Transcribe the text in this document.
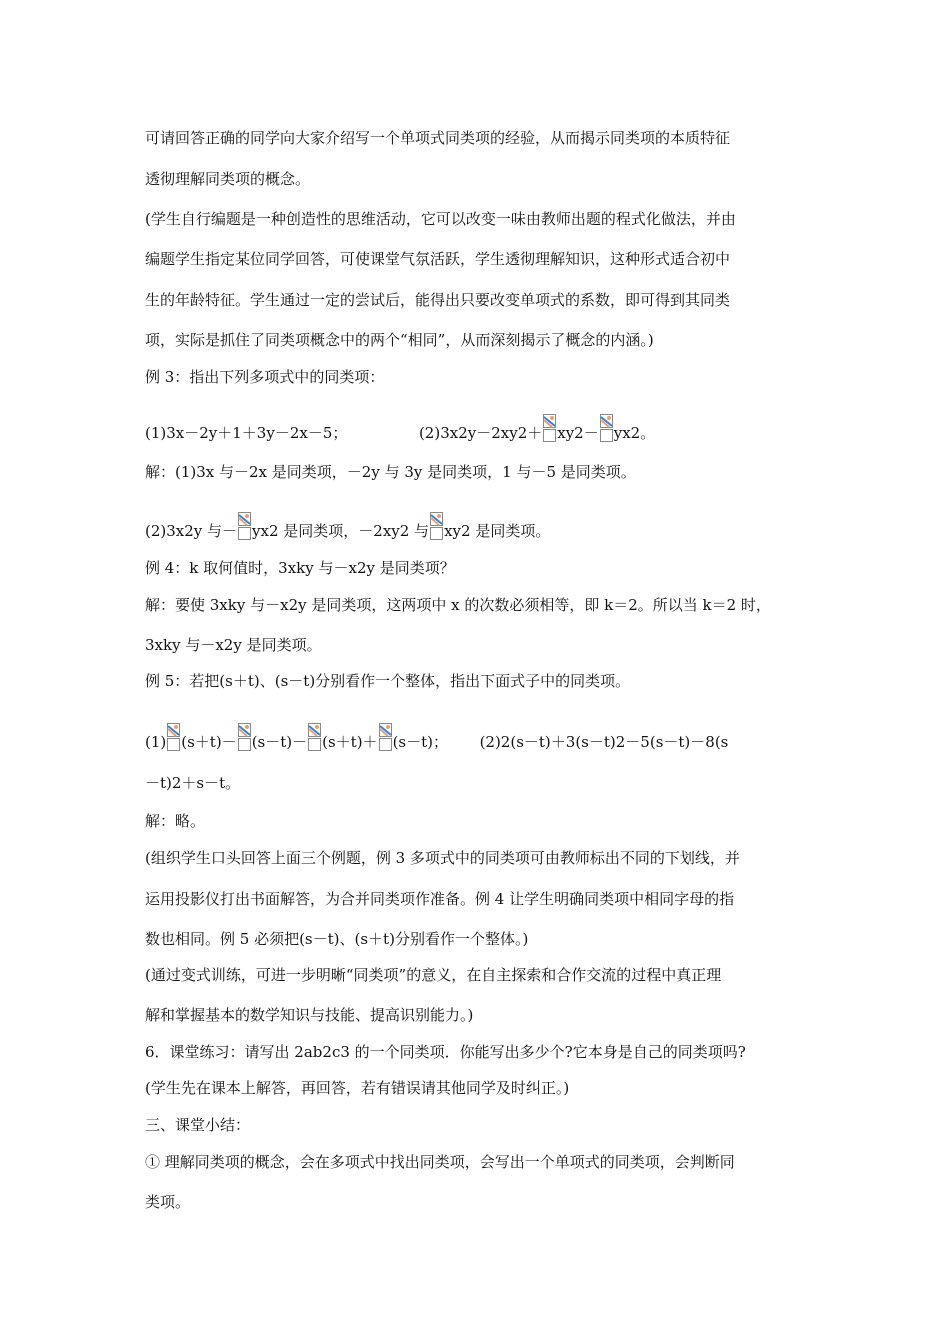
可请回答正确的同学向大家介绍写一个单项式同类项的经验，从而揭示同类项的本质特征
透彻理解同类项的概念。
(学生自行编题是一种创造性的思维活动，它可以改变一味由教师出题的程式化做法，并由
编题学生指定某位同学回答，可使课堂气氛活跃，学生透彻理解知识，这种形式适合初中
生的年龄特征。学生通过一定的尝试后，能得出只要改变单项式的系数，即可得到其同类
项，实际是抓住了同类项概念中的两个“相同”，从而深刻揭示了概念的内涵。)
例 3：指出下列多项式中的同类项：
(1)3x－2y＋1＋3y－2x－5；	(2)3x2y－2xy2＋ xy2－ yx2。
解：(1)3x 与－2x 是同类项，－2y 与 3y 是同类项，1 与－5 是同类项。
(2)3x2y 与－ yx2 是同类项，－2xy2 与 xy2 是同类项。
例 4：k 取何值时，3xky 与－x2y 是同类项？
解：要使 3xky 与－x2y 是同类项，这两项中 x 的次数必须相等，即 k＝2。所以当 k＝2 时，
3xky 与－x2y 是同类项。
例 5：若把(s＋t)、(s－t)分别看作一个整体，指出下面式子中的同类项。
(1) (s＋t)－ (s－t)－ (s＋t)＋ (s－t)； (2)2(s－t)＋3(s－t)2－5(s－t)－8(s
－t)2＋s－t。
解：略。
(组织学生口头回答上面三个例题，例 3 多项式中的同类项可由教师标出不同的下划线，并
运用投影仪打出书面解答，为合并同类项作准备。例 4 让学生明确同类项中相同字母的指
数也相同。例 5 必须把(s－t)、(s＋t)分别看作一个整体。)
(通过变式训练，可进一步明晰“同类项”的意义，在自主探索和合作交流的过程中真正理
解和掌握基本的数学知识与技能、提高识别能力。)
6．课堂练习：请写出 2ab2c3 的一个同类项．你能写出多少个?它本身是自己的同类项吗?
(学生先在课本上解答，再回答，若有错误请其他同学及时纠正。)
三、课堂小结：
① 理解同类项的概念，会在多项式中找出同类项，会写出一个单项式的同类项，会判断同
类项。
